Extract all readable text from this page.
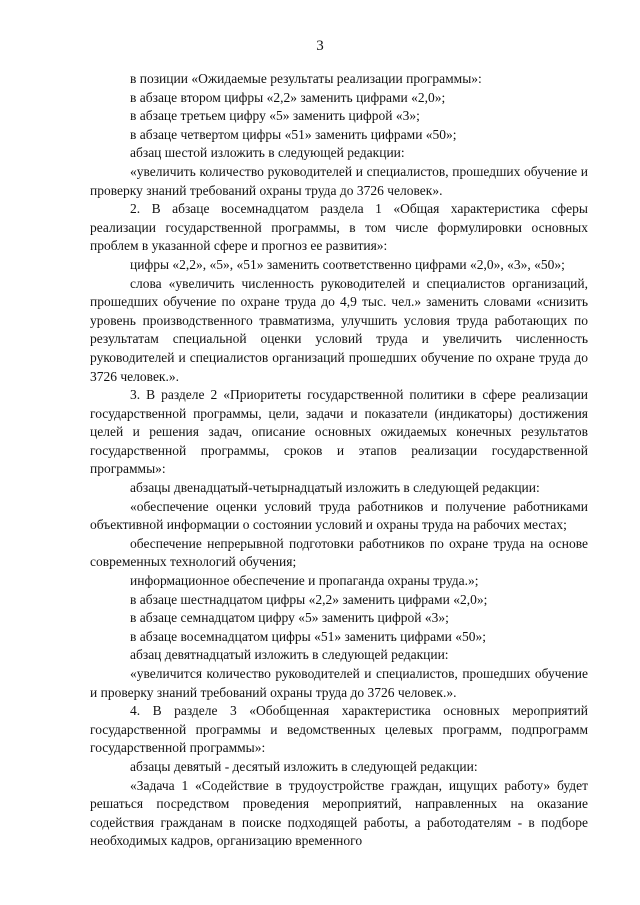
3

в позиции «Ожидаемые результаты реализации программы»:

в абзаце втором цифры «2,2» заменить цифрами «2,0»;

в абзаце третьем цифру «5» заменить цифрой «3»;

в абзаце четвертом цифры «51» заменить цифрами «50»;

абзац шестой изложить в следующей редакции:

«увеличить количество руководителей и специалистов, прошедших обучение и проверку знаний требований охраны труда до 3726 человек».

2. В абзаце восемнадцатом раздела 1 «Общая характеристика сферы реализации государственной программы, в том числе формулировки основных проблем в указанной сфере и прогноз ее развития»:

цифры «2,2», «5», «51» заменить соответственно цифрами «2,0», «3», «50»;

слова «увеличить численность руководителей и специалистов организаций, прошедших обучение по охране труда до 4,9 тыс. чел.» заменить словами «снизить уровень производственного травматизма, улучшить условия труда работающих по результатам специальной оценки условий труда и увеличить численность руководителей и специалистов организаций прошедших обучение по охране труда до 3726 человек.».

3. В разделе 2 «Приоритеты государственной политики в сфере реализации государственной программы, цели, задачи и показатели (индикаторы) достижения целей и решения задач, описание основных ожидаемых конечных результатов государственной программы, сроков и этапов реализации государственной программы»:

абзацы двенадцатый-четырнадцатый изложить в следующей редакции:

«обеспечение оценки условий труда работников и получение работниками объективной информации о состоянии условий и охраны труда на рабочих местах;

обеспечение непрерывной подготовки работников по охране труда на основе современных технологий обучения;

информационное обеспечение и пропаганда охраны труда.»;

в абзаце шестнадцатом цифры «2,2» заменить цифрами «2,0»;

в абзаце семнадцатом цифру «5» заменить цифрой «3»;

в абзаце восемнадцатом цифры «51» заменить цифрами «50»;

абзац девятнадцатый изложить в следующей редакции:

«увеличится количество руководителей и специалистов, прошедших обучение и проверку знаний требований охраны труда до 3726 человек.».

4. В разделе 3 «Обобщенная характеристика основных мероприятий государственной программы и ведомственных целевых программ, подпрограмм государственной программы»:

абзацы девятый - десятый изложить в следующей редакции:

«Задача 1 «Содействие в трудоустройстве граждан, ищущих работу» будет решаться посредством проведения мероприятий, направленных на оказание содействия гражданам в поиске подходящей работы, а работодателям - в подборе необходимых кадров, организацию временного
